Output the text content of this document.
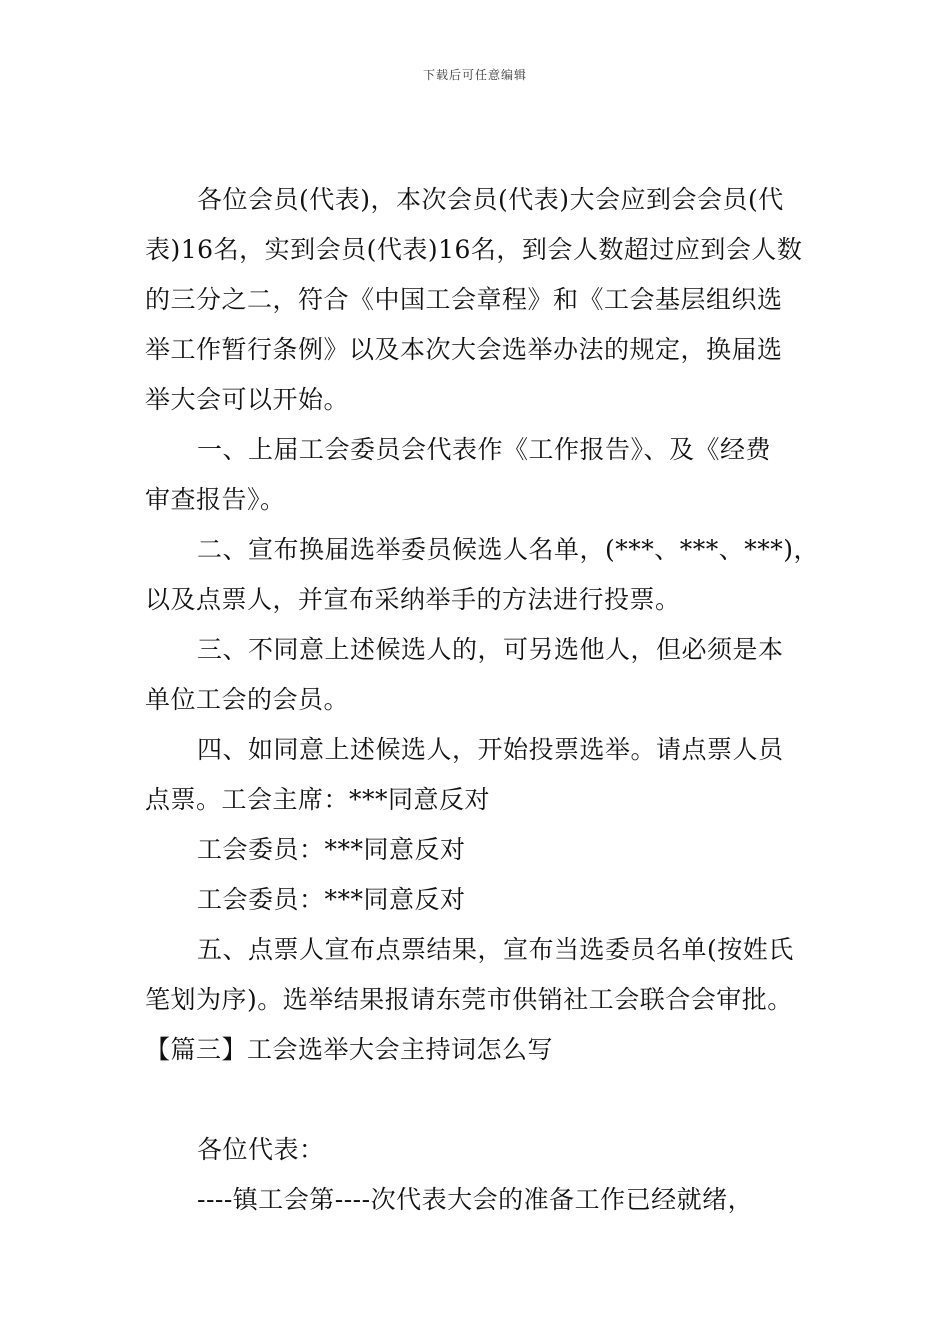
下载后可任意编辑
各位会员(代表)，本次会员(代表)大会应到会会员(代
表)16名，实到会员(代表)16名，到会人数超过应到会人数
的三分之二，符合《中国工会章程》和《工会基层组织选
举工作暂行条例》以及本次大会选举办法的规定，换届选
举大会可以开始。
一、上届工会委员会代表作《工作报告》、及《经费
审查报告》。
二、宣布换届选举委员候选人名单，(***、***、***)，
以及点票人，并宣布采纳举手的方法进行投票。
三、不同意上述候选人的，可另选他人，但必须是本
单位工会的会员。
四、如同意上述候选人，开始投票选举。请点票人员
点票。工会主席：***同意反对
工会委员：***同意反对
工会委员：***同意反对
五、点票人宣布点票结果，宣布当选委员名单(按姓氏
笔划为序)。选举结果报请东莞市供销社工会联合会审批。
【篇三】工会选举大会主持词怎么写
各位代表：
----镇工会第----次代表大会的准备工作已经就绪，
